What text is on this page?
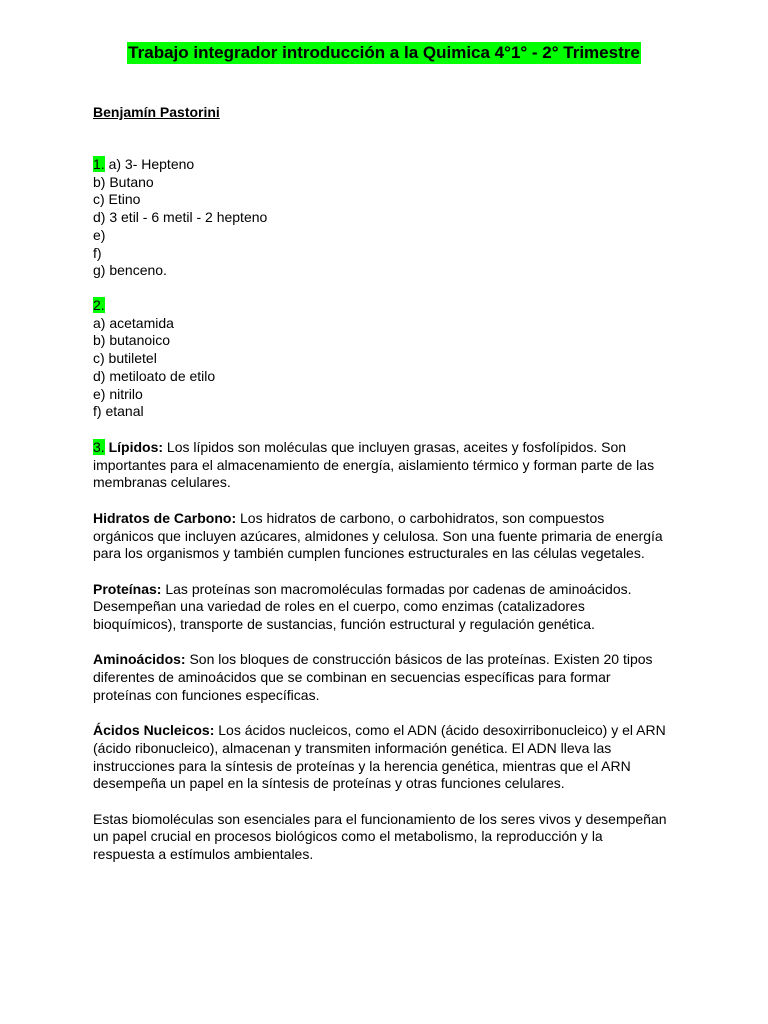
Trabajo integrador introducción a la Quimica 4°1° - 2° Trimestre
Benjamín Pastorini
1. a) 3- Hepteno
b) Butano
c) Etino
d) 3 etil - 6 metil - 2 hepteno
e)
f)
g) benceno.
2.
a) acetamida
b) butanoico
c) butiletel
d) metiloato de etilo
e) nitrilo
f) etanal
3. Lípidos: Los lípidos son moléculas que incluyen grasas, aceites y fosfolípidos. Son
importantes para el almacenamiento de energía, aislamiento térmico y forman parte de las
membranas celulares.
Hidratos de Carbono: Los hidratos de carbono, o carbohidratos, son compuestos
orgánicos que incluyen azúcares, almidones y celulosa. Son una fuente primaria de energía
para los organismos y también cumplen funciones estructurales en las células vegetales.
Proteínas: Las proteínas son macromoléculas formadas por cadenas de aminoácidos.
Desempeñan una variedad de roles en el cuerpo, como enzimas (catalizadores
bioquímicos), transporte de sustancias, función estructural y regulación genética.
Aminoácidos: Son los bloques de construcción básicos de las proteínas. Existen 20 tipos
diferentes de aminoácidos que se combinan en secuencias específicas para formar
proteínas con funciones específicas.
Ácidos Nucleicos: Los ácidos nucleicos, como el ADN (ácido desoxirribonucleico) y el ARN
(ácido ribonucleico), almacenan y transmiten información genética. El ADN lleva las
instrucciones para la síntesis de proteínas y la herencia genética, mientras que el ARN
desempeña un papel en la síntesis de proteínas y otras funciones celulares.
Estas biomoléculas son esenciales para el funcionamiento de los seres vivos y desempeñan
un papel crucial en procesos biológicos como el metabolismo, la reproducción y la
respuesta a estímulos ambientales.
